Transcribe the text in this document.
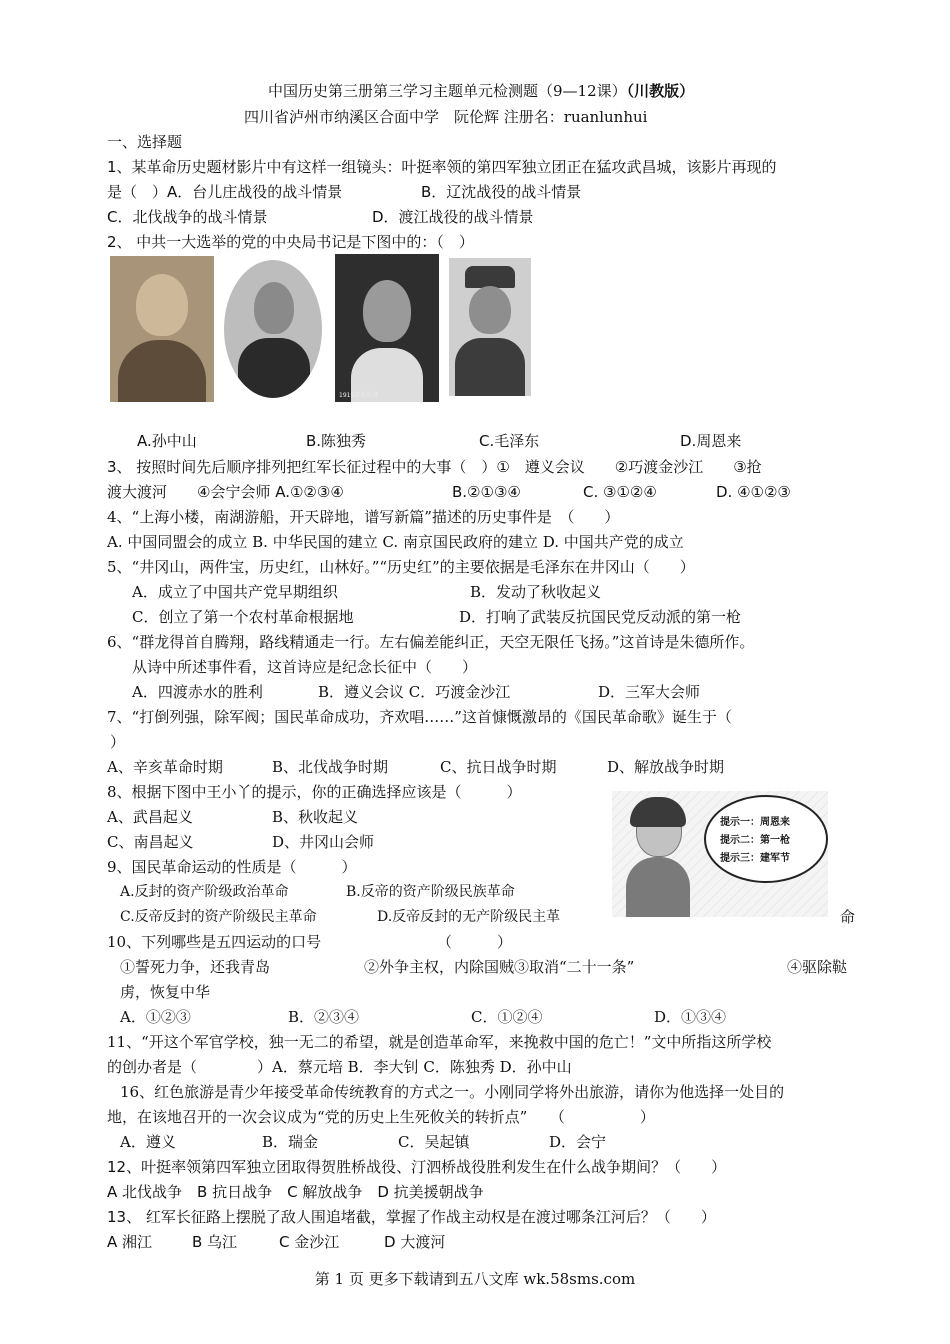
中国历史第三册第三学习主题单元检测题（9—12课）（川教版）
四川省泸州市纳溪区合面中学　阮伦辉 注册名：ruanlunhui
一、选择题
1、某革命历史题材影片中有这样一组镜头：叶挺率领的第四军独立团正在猛攻武昌城，该影片再现的
是（　）A．台儿庄战役的战斗情景	B．辽沈战役的战斗情景
C．北伐战争的战斗情景	D．渡江战役的战斗情景
2、 中共一大选举的党的中央局书记是下图中的：（　）
1919年在长沙
A.孙中山	B.陈独秀	C.毛泽东	D.周恩来
3、 按照时间先后顺序排列把红军长征过程中的大事（　）①　遵义会议　　②巧渡金沙江　　③抢
渡大渡河　　④会宁会师 A.①②③④	B.②①③④	C. ③①②④	D. ④①②③
4、“上海小楼，南湖游船，开天辟地，谱写新篇”描述的历史事件是　（　　）
A. 中国同盟会的成立 B. 中华民国的建立 C. 南京国民政府的建立 D. 中国共产党的成立
5、“井冈山，两件宝，历史红，山林好。”“历史红”的主要依据是毛泽东在井冈山（　　）
A．成立了中国共产党早期组织	B．发动了秋收起义
C．创立了第一个农村革命根据地	D．打响了武装反抗国民党反动派的第一枪
6、“群龙得首自腾翔，路线精通走一行。左右偏差能纠正，天空无限任飞扬。”这首诗是朱德所作。
从诗中所述事件看，这首诗应是纪念长征中（　　）
A．四渡赤水的胜利	B．遵义会议 C．巧渡金沙江	D．三军大会师
7、“打倒列强，除军阀；国民革命成功，齐欢唱……”这首慷慨激昂的《国民革命歌》诞生于（
）
A、辛亥革命时期	B、北伐战争时期	C、抗日战争时期	D、解放战争时期
8、根据下图中王小丫的提示，你的正确选择应该是（　　　）
A、武昌起义	B、秋收起义
C、南昌起义	D、井冈山会师
提示一：周恩来
提示二：第一枪
提示三：建军节
9、国民革命运动的性质是（　　　）
A.反封的资产阶级政治革命	B.反帝的资产阶级民族革命
C.反帝反封的资产阶级民主革命	D.反帝反封的无产阶级民主革	命
10、下列哪些是五四运动的口号	（　　　）
①誓死力争，还我青岛	②外争主权，内除国贼③取消“二十一条”	④驱除鞑
虏，恢复中华
A．①②③	B．②③④	C．①②④	D．①③④
11、“开这个军官学校，独一无二的希望，就是创造革命军，来挽救中国的危亡！”文中所指这所学校
的创办者是（　　　　）A．蔡元培 B．李大钊 C．陈独秀 D．孙中山
16、红色旅游是青少年接受革命传统教育的方式之一。小刚同学将外出旅游，请你为他选择一处目的
地，在该地召开的一次会议成为“党的历史上生死攸关的转折点”　　（　　　　　）
A．遵义	B．瑞金	C．吴起镇	D．会宁
12、叶挺率领第四军独立团取得贺胜桥战役、汀泗桥战役胜利发生在什么战争期间？（　　）
A 北伐战争　B 抗日战争　C 解放战争　D 抗美援朝战争
13、 红军长征路上摆脱了敌人围追堵截，掌握了作战主动权是在渡过哪条江河后？（　　）
A 湘江	B 乌江	C 金沙江	D 大渡河
第 1 页 更多下载请到五八文库 wk.58sms.com
